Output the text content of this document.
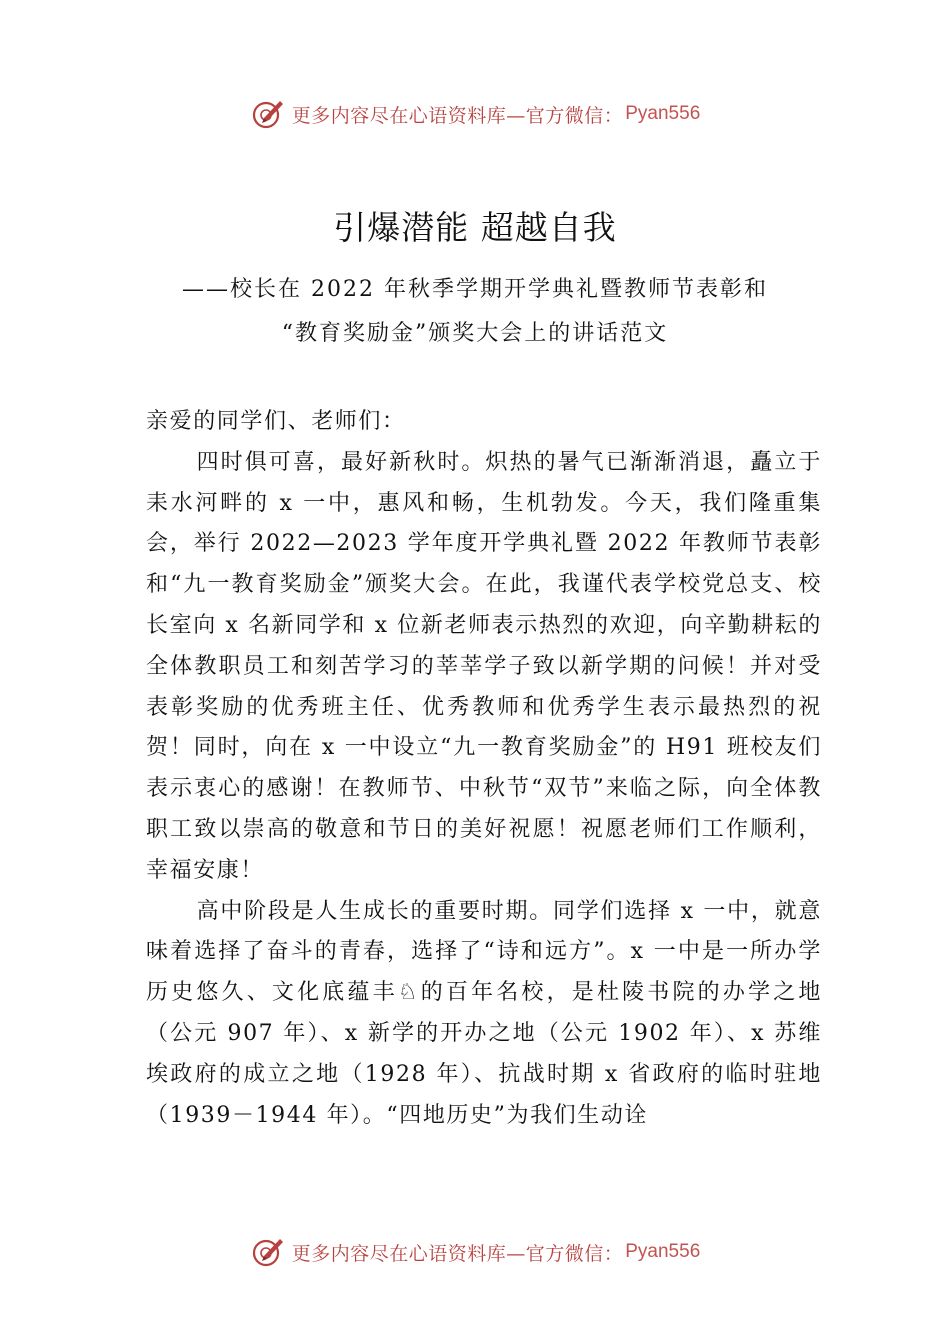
更多内容尽在心语资料库—官方微信： Pyan556
引爆潜能 超越自我
——校长在 2022 年秋季学期开学典礼暨教师节表彰和
“教育奖励金”颁奖大会上的讲话范文

亲爱的同学们、老师们：

四时俱可喜，最好新秋时。炽热的暑气已渐渐消退，矗立于耒水河畔的 x 一中，惠风和畅，生机勃发。今天，我们隆重集会，举行 2022—2023 学年度开学典礼暨 2022 年教师节表彰和“九一教育奖励金”颁奖大会。在此，我谨代表学校党总支、校长室向 x 名新同学和 x 位新老师表示热烈的欢迎，向辛勤耕耘的全体教职员工和刻苦学习的莘莘学子致以新学期的问候！并对受表彰奖励的优秀班主任、优秀教师和优秀学生表示最热烈的祝贺！同时，向在 x 一中设立“九一教育奖励金”的 H91 班校友们表示衷心的感谢！在教师节、中秋节“双节”来临之际，向全体教职工致以崇高的敬意和节日的美好祝愿！祝愿老师们工作顺利，幸福安康！

高中阶段是人生成长的重要时期。同学们选择 x 一中，就意味着选择了奋斗的青春，选择了“诗和远方”。x 一中是一所办学历史悠久、文化底蕴丰♘的百年名校，是杜陵书院的办学之地（公元 907 年）、x 新学的开办之地（公元 1902 年）、x 苏维埃政府的成立之地（1928 年）、抗战时期 x 省政府的临时驻地（1939－1944 年）。“四地历史”为我们生动诠

更多内容尽在心语资料库—官方微信： Pyan556
